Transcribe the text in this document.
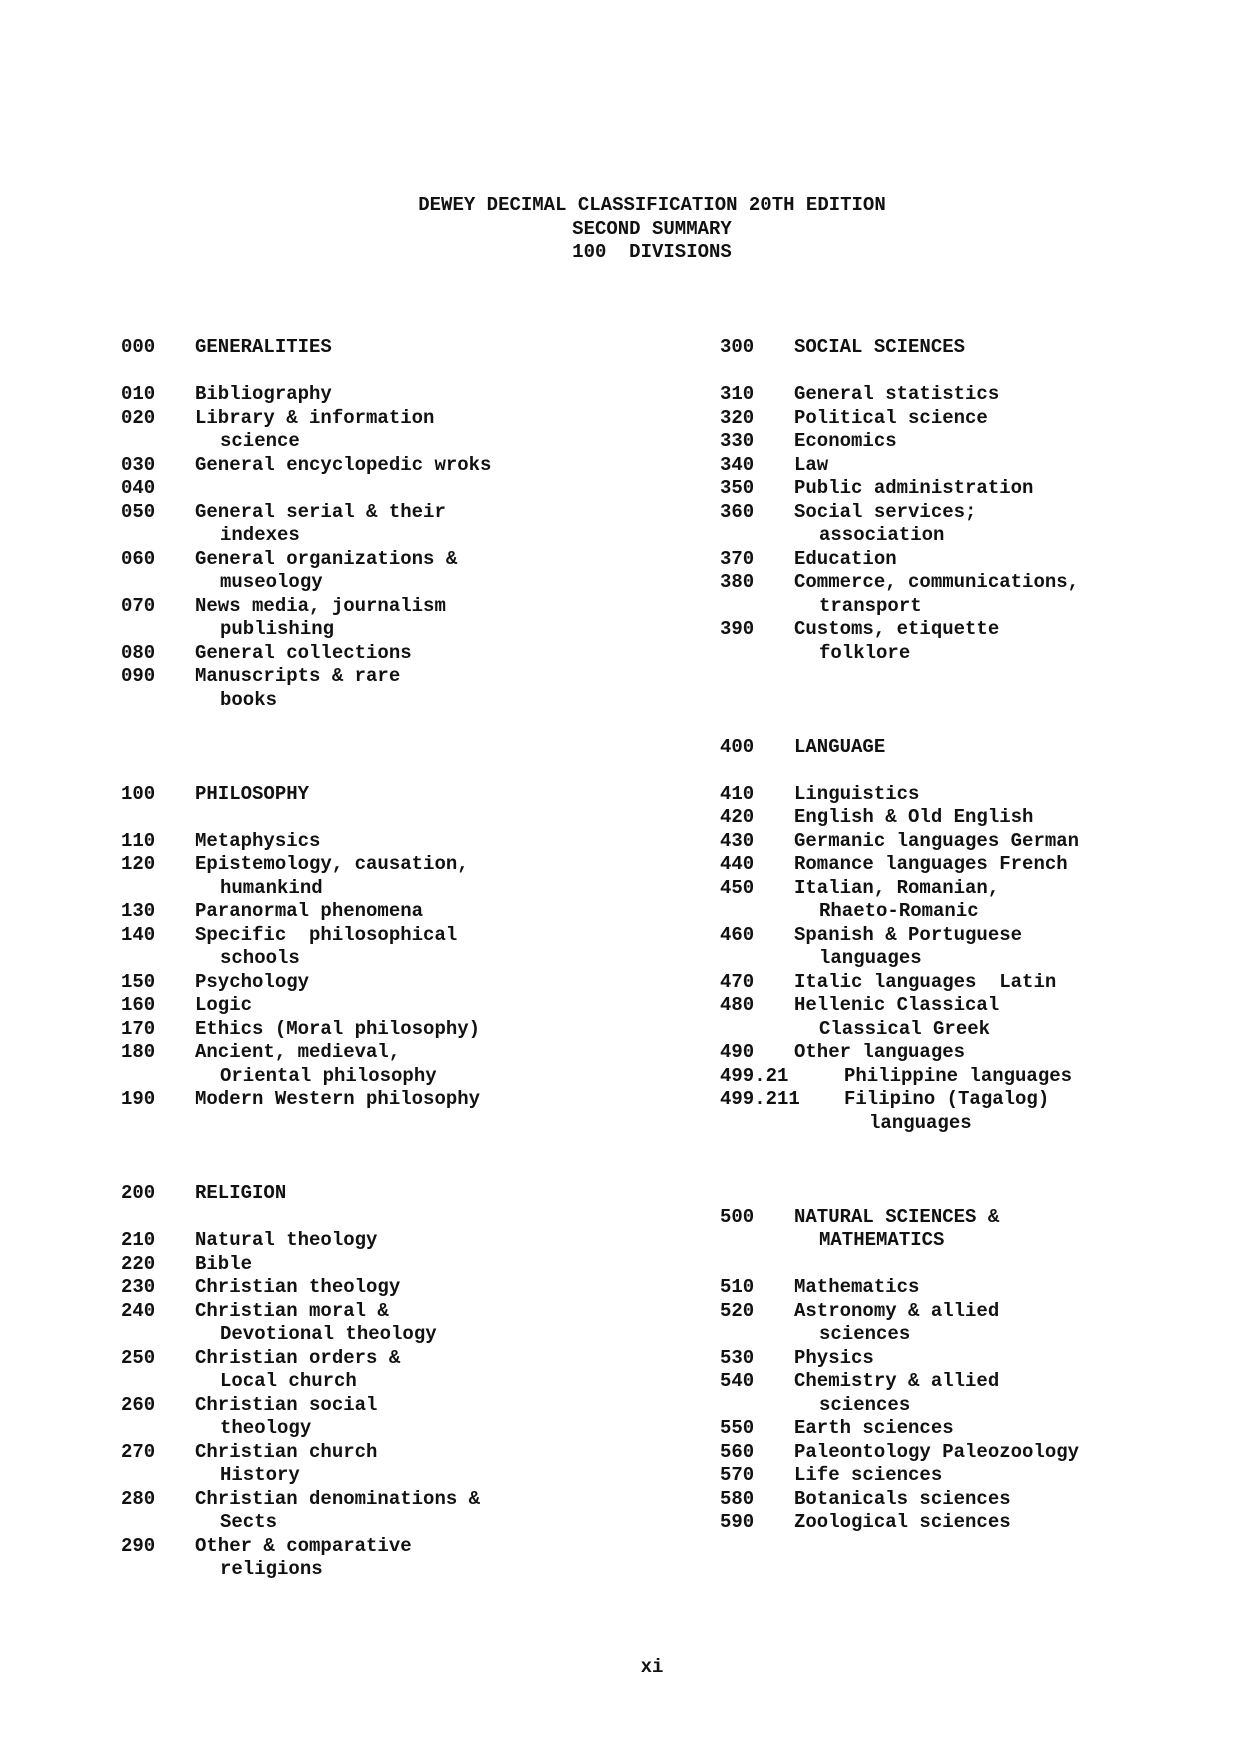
DEWEY DECIMAL CLASSIFICATION 20TH EDITION
SECOND SUMMARY
100  DIVISIONS
000 GENERALITIES
010 Bibliography
020 Library & information
science
030 General encyclopedic wroks
040
050 General serial & their
indexes
060 General organizations &
museology
070 News media, journalism
publishing
080 General collections
090 Manuscripts & rare
books
100 PHILOSOPHY
110 Metaphysics
120 Epistemology, causation,
humankind
130 Paranormal phenomena
140 Specific  philosophical
schools
150 Psychology
160 Logic
170 Ethics (Moral philosophy)
180 Ancient, medieval,
Oriental philosophy
190 Modern Western philosophy
200 RELIGION
210 Natural theology
220 Bible
230 Christian theology
240 Christian moral &
Devotional theology
250 Christian orders &
Local church
260 Christian social
theology
270 Christian church
History
280 Christian denominations &
Sects
290 Other & comparative
religions
300 SOCIAL SCIENCES
310 General statistics
320 Political science
330 Economics
340 Law
350 Public administration
360 Social services;
association
370 Education
380 Commerce, communications,
transport
390 Customs, etiquette
folklore
400 LANGUAGE
410 Linguistics
420 English & Old English
430 Germanic languages German
440 Romance languages French
450 Italian, Romanian,
Rhaeto-Romanic
460 Spanish & Portuguese
languages
470 Italic languages  Latin
480 Hellenic Classical
Classical Greek
490 Other languages
499.21	Philippine languages
499.211 Filipino (Tagalog)
languages
500 NATURAL SCIENCES &
MATHEMATICS
510 Mathematics
520 Astronomy & allied
sciences
530 Physics
540 Chemistry & allied
sciences
550 Earth sciences
560 Paleontology Paleozoology
570 Life sciences
580 Botanicals sciences
590 Zoological sciences
xi
